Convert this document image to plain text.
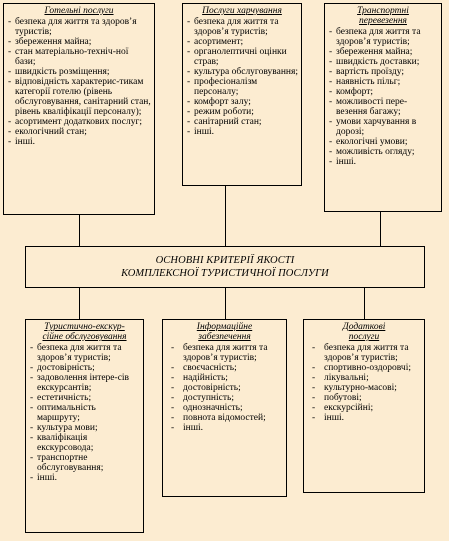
Готельні послуги
- безпека для життя та здоров’я туристів;
- збереження майна;
- стан матеріально-техніч-ної бази;
- швидкість розміщення;
- відповідність характерис-тикам категорії готелю (рівень обслуговування, санітарний стан, рівень кваліфікації персоналу);
- асортимент додаткових послуг;
- екологічний стан;
- інші.
Послуги харчування
- безпека для життя та здоров’я туристів;
- асортимент;
- органолептичні оцінки страв;
- культура обслуговування;
- професіоналізм персоналу;
- комфорт залу;
- режим роботи;
- санітарний стан;
- інші.
Транспортні
перевезення
- безпека для життя та здоров’я туристів;
- збереження майна;
- швидкість доставки;
- вартість проїзду;
- наявність пільг;
- комфорт;
- можливості пере-везення багажу;
- умови харчування в дорозі;
- екологічні умови;
- можливість огляду;
- інші.
ОСНОВНІ КРИТЕРІЇ ЯКОСТІ
КОМПЛЕКСНОЇ ТУРИСТИЧНОЇ ПОСЛУГИ
Туристично-екскур-
сійне обслуговування
- безпека для життя та здоров’я туристів;
- достовірність;
- задоволення інтере-сів екскурсантів;
- естетичність;
- оптимальність маршруту;
- культура мови;
- кваліфікація екскурсовода;
- транспортне обслуговування;
- інші.
Інформаційне
забезпечення
- безпека для життя та здоров’я туристів;
- своєчасність;
- надійність;
- достовірність;
- доступність;
- однозначність;
- повнота відомостей;
- інші.
Додаткові
послуги
- безпека для життя та здоров’я туристів;
- спортивно-оздоровчі;
- лікувальні;
- культурно-масові;
- побутові;
- екскурсійні;
- інші.
